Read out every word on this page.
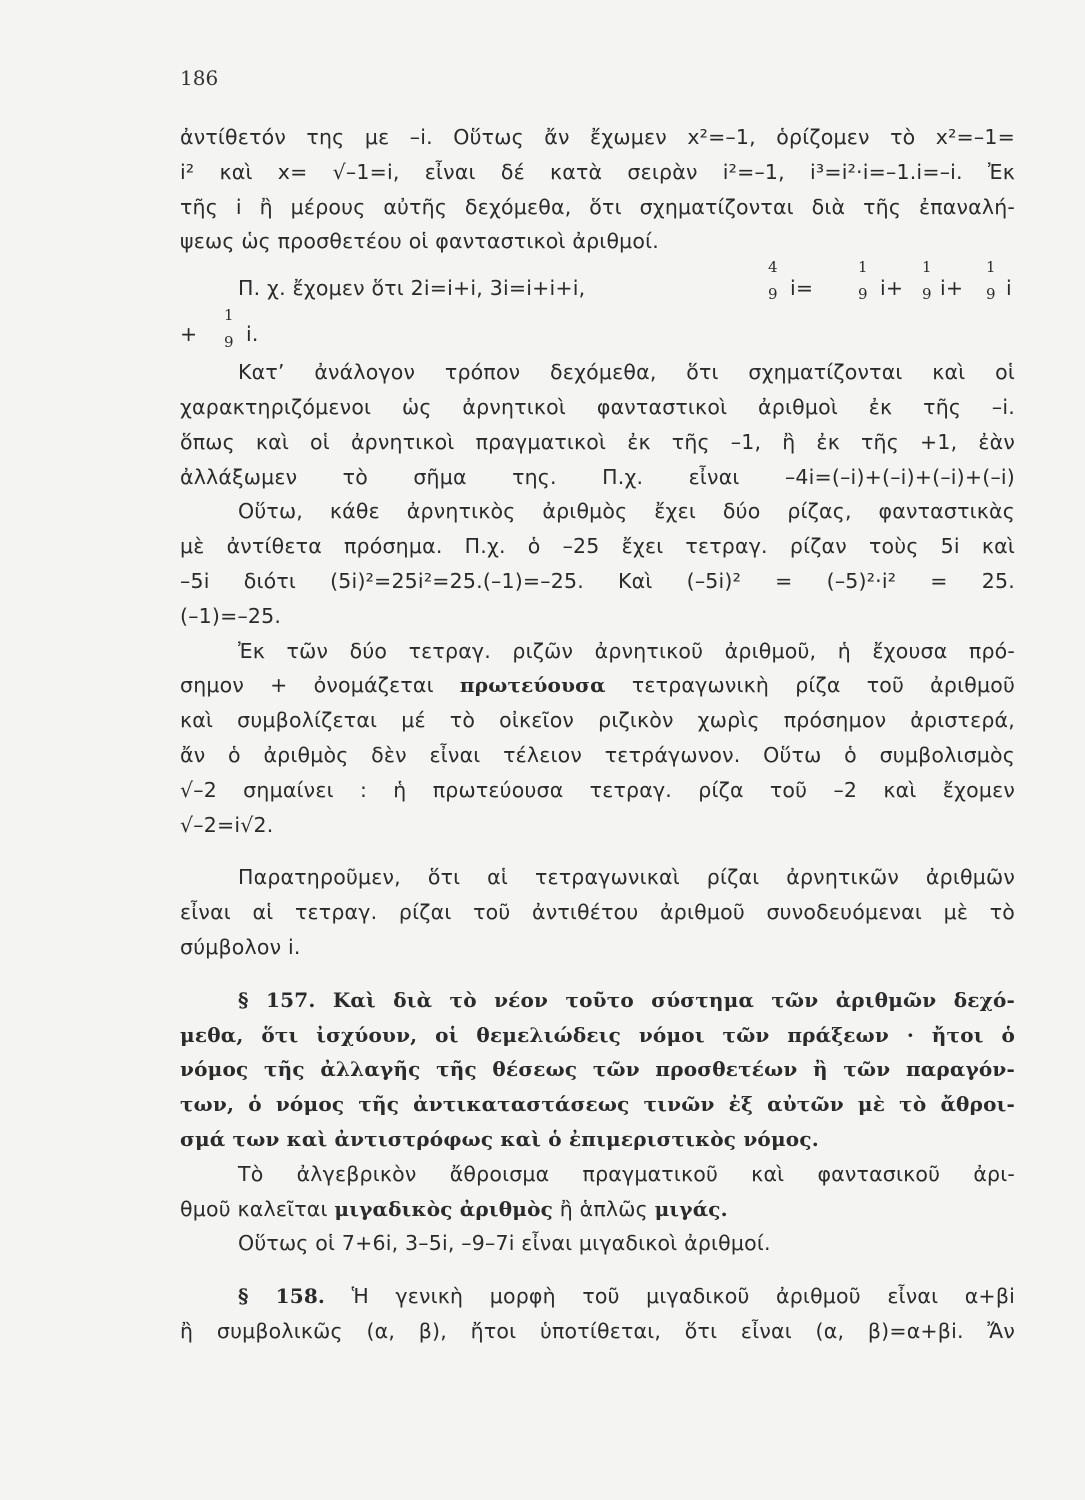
186

ἀντίθετόν της με –i. Οὕτως ἄν ἔχωμεν x²=–1, ὁρίζομεν τὸ x²=–1=

i² καὶ x= √–1=i, εἶναι δέ κατὰ σειρὰν i²=–1, i³=i²·i=–1.i=–i. Ἐκ

τῆς i ἢ μέρους αὐτῆς δεχόμεθα, ὅτι σχηματίζονται διὰ τῆς ἐπαναλή-

ψεως ὡς προσθετέου οἱ φανταστικοὶ ἀριθμοί.

Π. χ. ἔχομεν ὅτι 2i=i+i, 3i=i+i+i,
4
9 i=
1
9 i+
1
9
i+
1
9	i
+
1
9 i.

Κατ’ ἀνάλογον τρόπον δεχόμεθα, ὅτι σχηματίζονται καὶ οἱ

χαρακτηριζόμενοι ὡς ἀρνητικοὶ φανταστικοὶ ἀριθμοὶ ἐκ τῆς –i.

ὅπως καὶ οἱ ἀρνητικοὶ πραγματικοὶ ἐκ τῆς –1, ἢ ἐκ τῆς +1, ἐὰν

ἀλλάξωμεν τὸ σῆμα της. Π.χ. εἶναι –4i=(–i)+(–i)+(–i)+(–i)

Οὕτω, κάθε ἀρνητικὸς ἀριθμὸς ἔχει δύο ρίζας, φανταστικὰς

μὲ ἀντίθετα πρόσημα. Π.χ. ὁ –25 ἔχει τετραγ. ρίζαν τοὺς 5i καὶ

–5i διότι (5i)²=25i²=25.(–1)=–25. Καὶ (–5i)² = (–5)²·i² = 25.

(–1)=–25.

Ἐκ τῶν δύο τετραγ. ριζῶν ἀρνητικοῦ ἀριθμοῦ, ἡ ἔχουσα πρό-

σημον + ὀνομάζεται πρωτεύουσα τετραγωνικὴ ρίζα τοῦ ἀριθμοῦ

καὶ συμβολίζεται μέ τὸ οἰκεῖον ριζικὸν χωρὶς πρόσημον ἀριστερά,

ἄν ὁ ἀριθμὸς δὲν εἶναι τέλειον τετράγωνον. Οὕτω ὁ συμβολισμὸς

√–2 σημαίνει : ἡ πρωτεύουσα τετραγ. ρίζα τοῦ –2 καὶ ἔχομεν

√–2=i√2.

Παρατηροῦμεν, ὅτι αἱ τετραγωνικαὶ ρίζαι ἀρνητικῶν ἀριθμῶν

εἶναι αἱ τετραγ. ρίζαι τοῦ ἀντιθέτου ἀριθμοῦ συνοδευόμεναι μὲ τὸ

σύμβολον i.

§ 157. Καὶ διὰ τὸ νέον τοῦτο σύστημα τῶν ἀριθμῶν δεχό-

μεθα, ὅτι ἰσχύουν, οἱ θεμελιώδεις νόμοι τῶν πράξεων · ἤτοι ὁ

νόμος τῆς ἀλλαγῆς τῆς θέσεως τῶν προσθετέων ἢ τῶν παραγόν-

των, ὁ νόμος τῆς ἀντικαταστάσεως τινῶν ἐξ αὐτῶν μὲ τὸ ἄθροι-

σμά των καὶ ἀντιστρόφως καὶ ὁ ἐπιμεριστικὸς νόμος.

Τὸ ἀλγεβρικὸν ἄθροισμα πραγματικοῦ καὶ φαντασικοῦ ἀρι-

θμοῦ καλεῖται μιγαδικὸς ἀριθμὸς ἢ ἁπλῶς μιγάς.

Οὕτως οἱ 7+6i, 3–5i, –9–7i εἶναι μιγαδικοὶ ἀριθμοί.

§ 158. Ἡ γενικὴ μορφὴ τοῦ μιγαδικοῦ ἀριθμοῦ εἶναι α+βi

ἢ συμβολικῶς (α, β), ἤτοι ὑποτίθεται, ὅτι εἶναι (α, β)=α+βi. Ἄν
